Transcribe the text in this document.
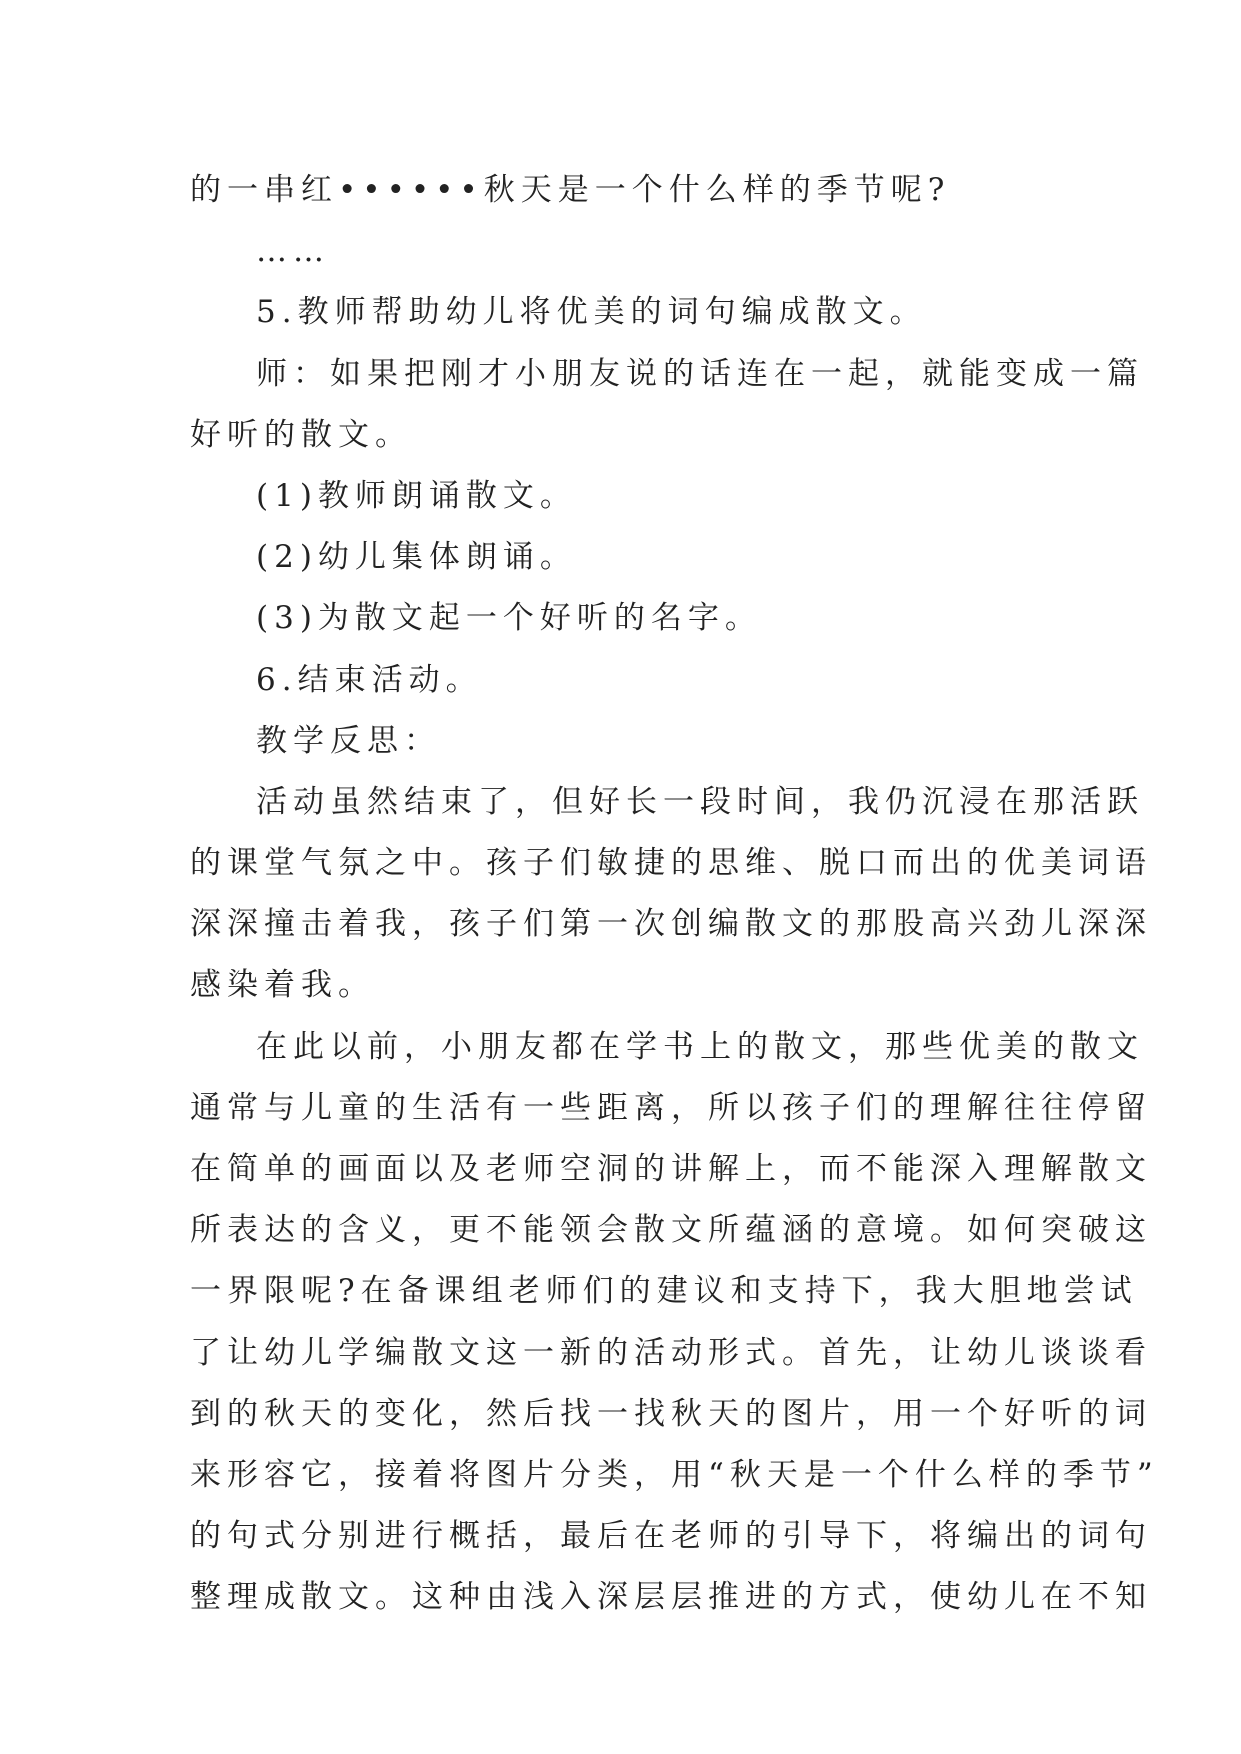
的一串红••••••秋天是一个什么样的季节呢?

……

5.教师帮助幼儿将优美的词句编成散文。

师：如果把刚才小朋友说的话连在一起，就能变成一篇

好听的散文。

(1)教师朗诵散文。

(2)幼儿集体朗诵。

(3)为散文起一个好听的名字。

6.结束活动。

教学反思：

活动虽然结束了，但好长一段时间，我仍沉浸在那活跃

的课堂气氛之中。孩子们敏捷的思维、脱口而出的优美词语

深深撞击着我，孩子们第一次创编散文的那股高兴劲儿深深

感染着我。

在此以前，小朋友都在学书上的散文，那些优美的散文

通常与儿童的生活有一些距离，所以孩子们的理解往往停留

在简单的画面以及老师空洞的讲解上，而不能深入理解散文

所表达的含义，更不能领会散文所蕴涵的意境。如何突破这

一界限呢?在备课组老师们的建议和支持下，我大胆地尝试

了让幼儿学编散文这一新的活动形式。首先，让幼儿谈谈看

到的秋天的变化，然后找一找秋天的图片，用一个好听的词

来形容它，接着将图片分类，用“秋天是一个什么样的季节”

的句式分别进行概括，最后在老师的引导下，将编出的词句

整理成散文。这种由浅入深层层推进的方式，使幼儿在不知
